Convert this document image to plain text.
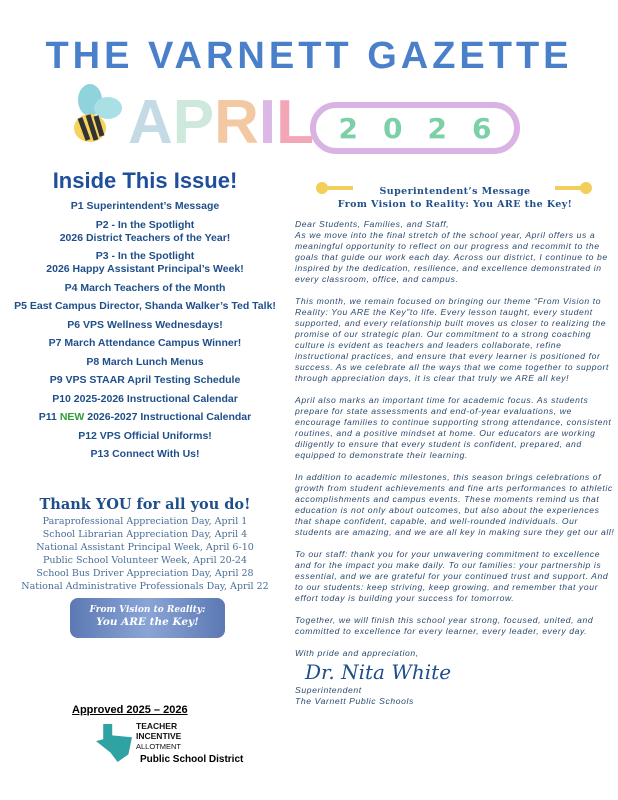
THE VARNETT GAZETTE
APRIL 2 0 2 6
Inside This Issue!
P1 Superintendent’s Message
P2 - In the Spotlight
2026 District Teachers of the Year!
P3 - In the Spotlight
2026 Happy Assistant Principal’s Week!
P4 March Teachers of the Month
P5 East Campus Director, Shanda Walker’s Ted Talk!
P6 VPS Wellness Wednesdays!
P7 March Attendance Campus Winner!
P8 March Lunch Menus
P9 VPS STAAR April Testing Schedule
P10 2025-2026 Instructional Calendar
P11 NEW 2026-2027 Instructional Calendar
P12 VPS Official Uniforms!
P13 Connect With Us!
Thank YOU for all you do!
Paraprofessional Appreciation Day, April 1
School Librarian Appreciation Day, April 4
National Assistant Principal Week, April 6-10
Public School Volunteer Week, April 20-24
School Bus Driver Appreciation Day, April 28
National Administrative Professionals Day, April 22
From Vision to Reality:
You ARE the Key!
Approved 2025 – 2026
TEACHER
INCENTIVE
ALLOTMENT
Public School District
Superintendent’s Message
From Vision to Reality: You ARE the Key!

Dear Students, Families, and Staff,

As we move into the final stretch of the school year, April offers us a meaningful opportunity to reflect on our progress and recommit to the goals that guide our work each day. Across our district, I continue to be inspired by the dedication, resilience, and excellence demonstrated in every classroom, office, and campus.

This month, we remain focused on bringing our theme “From Vision to Reality: You ARE the Key”to life. Every lesson taught, every student supported, and every relationship built moves us closer to realizing the promise of our strategic plan. Our commitment to a strong coaching culture is evident as teachers and leaders collaborate, refine instructional practices, and ensure that every learner is positioned for success. As we celebrate all the ways that we come together to support through appreciation days, it is clear that truly we ARE all key!

April also marks an important time for academic focus. As students prepare for state assessments and end-of-year evaluations, we encourage families to continue supporting strong attendance, consistent routines, and a positive mindset at home. Our educators are working diligently to ensure that every student is confident, prepared, and equipped to demonstrate their learning.

In addition to academic milestones, this season brings celebrations of growth from student achievements and fine arts performances to athletic accomplishments and campus events. These moments remind us that education is not only about outcomes, but also about the experiences that shape confident, capable, and well-rounded individuals. Our students are amazing, and we are all key in making sure they get our all!

To our staff: thank you for your unwavering commitment to excellence and for the impact you make daily. To our families: your partnership is essential, and we are grateful for your continued trust and support. And to our students: keep striving, keep growing, and remember that your effort today is building your success for tomorrow.

Together, we will finish this school year strong, focused, united, and committed to excellence for every learner, every leader, every day.

With pride and appreciation,

Dr. Nita White

Superintendent

The Varnett Public Schools
